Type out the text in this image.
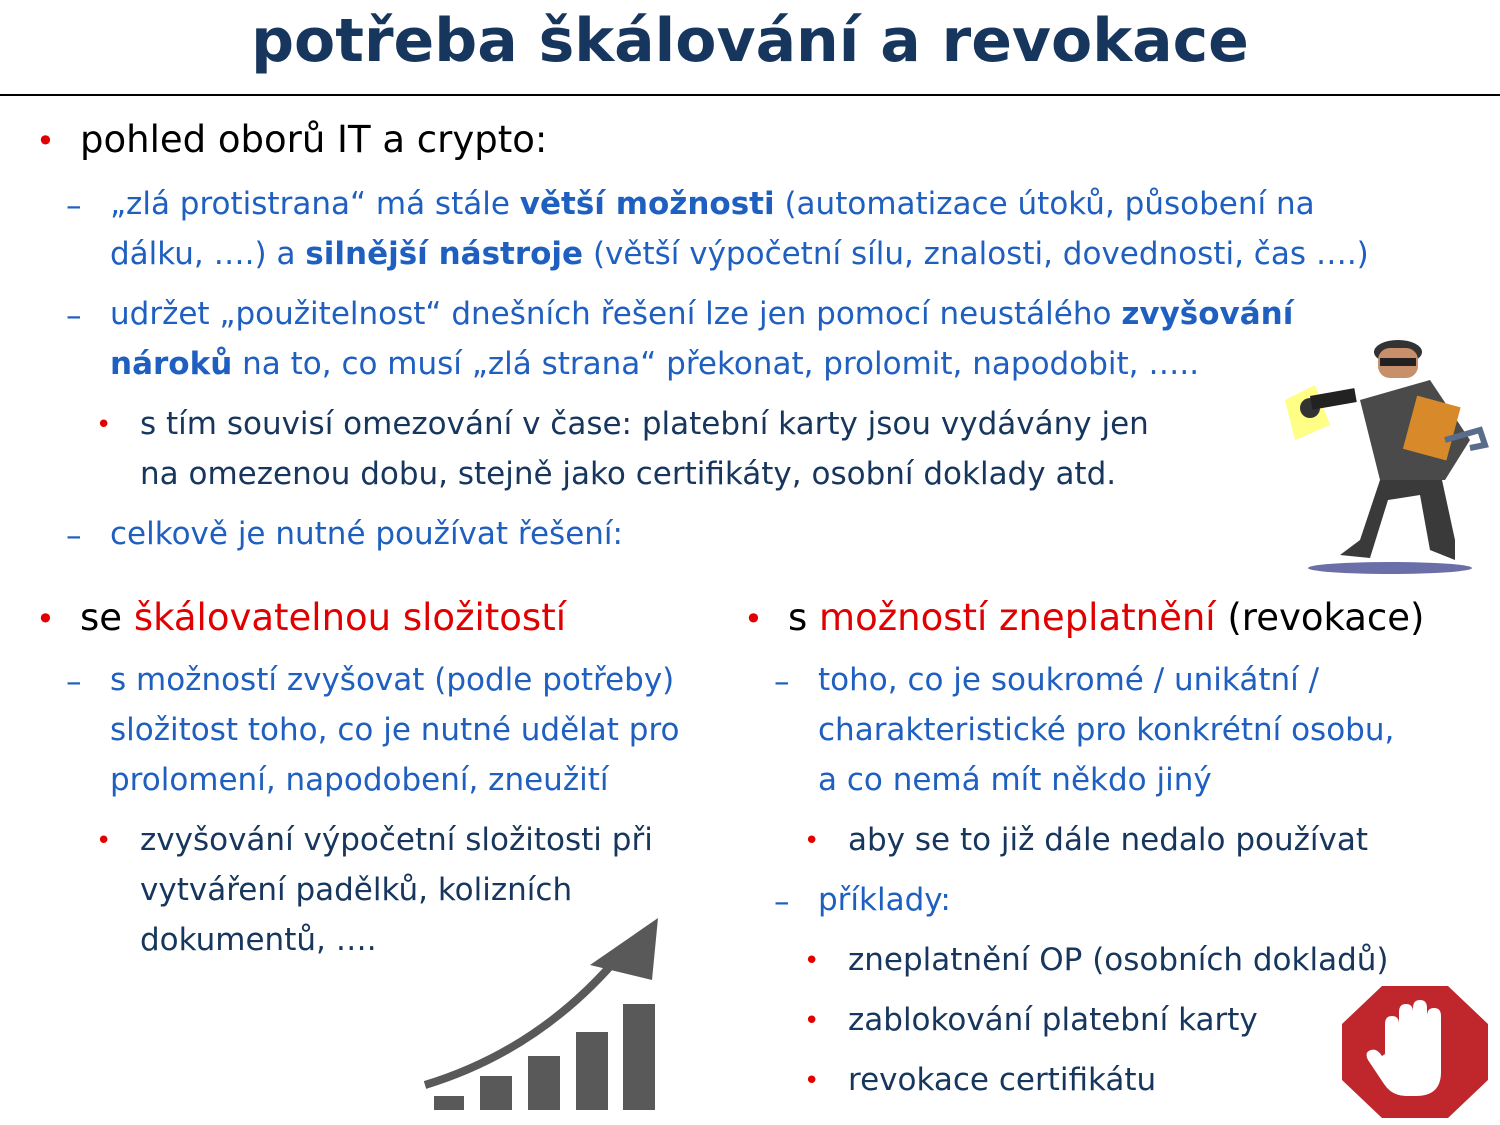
potřeba škálování a revokace
• pohled oborů IT a crypto:
– „zlá protistrana“ má stále větší možnosti (automatizace útoků, působení na
dálku, ….) a silnější nástroje (větší výpočetní sílu, znalosti, dovednosti, čas ….)
– udržet „použitelnost“ dnešních řešení lze jen pomocí neustálého zvyšování
nároků na to, co musí „zlá strana“ překonat, prolomit, napodobit, …..
• s tím souvisí omezování v čase: platební karty jsou vydávány jen
na omezenou dobu, stejně jako certifikáty, osobní doklady atd.
– celkově je nutné používat řešení:
• se škálovatelnou složitostí
– s možností zvyšovat (podle potřeby)
složitost toho, co je nutné udělat pro
prolomení, napodobení, zneužití
• zvyšování výpočetní složitosti při
vytváření padělků, kolizních
dokumentů, ….
• s možností zneplatnění (revokace)
– toho, co je soukromé / unikátní /
charakteristické pro konkrétní osobu,
a co nemá mít někdo jiný
• aby se to již dále nedalo používat
– příklady:
• zneplatnění OP (osobních dokladů)
• zablokování platební karty
• revokace certifikátu
